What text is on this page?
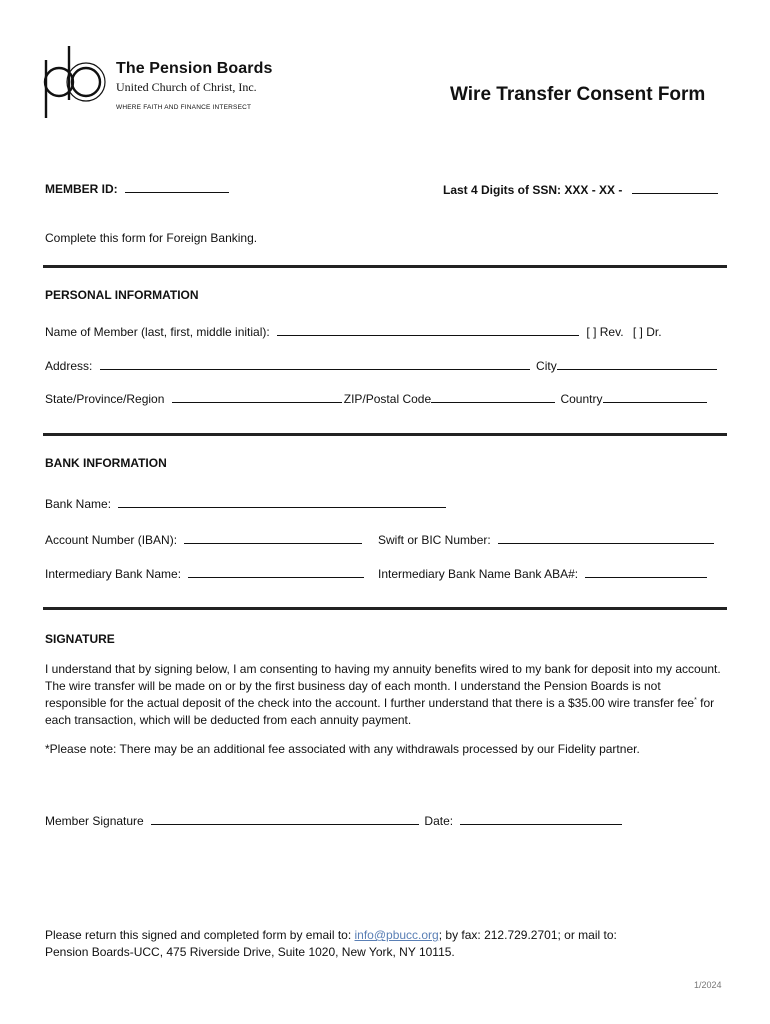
The Pension Boards
United Church of Christ, Inc.
WHERE FAITH AND FINANCE INTERSECT
Wire Transfer Consent Form
MEMBER ID:	Last 4 Digits of SSN: XXX - XX -
Complete this form for Foreign Banking.
PERSONAL INFORMATION
Name of Member (last, first, middle initial):	[ ] Rev. [ ] Dr.
Address:	City
State/Province/Region	ZIP/Postal Code	Country
BANK INFORMATION
Bank Name:
Account Number (IBAN):	Swift or BIC Number:
Intermediary Bank Name:	Intermediary Bank Name Bank ABA#:
SIGNATURE
I understand that by signing below, I am consenting to having my annuity benefits wired to my bank for deposit into my account. The wire transfer will be made on or by the first business day of each month. I understand the Pension Boards is not responsible for the actual deposit of the check into the account. I further understand that there is a $35.00 wire transfer fee* for each transaction, which will be deducted from each annuity payment.
*Please note: There may be an additional fee associated with any withdrawals processed by our Fidelity partner.
Member Signature	Date:
Please return this signed and completed form by email to: info@pbucc.org; by fax: 212.729.2701; or mail to:
Pension Boards-UCC, 475 Riverside Drive, Suite 1020, New York, NY 10115.
1/2024
